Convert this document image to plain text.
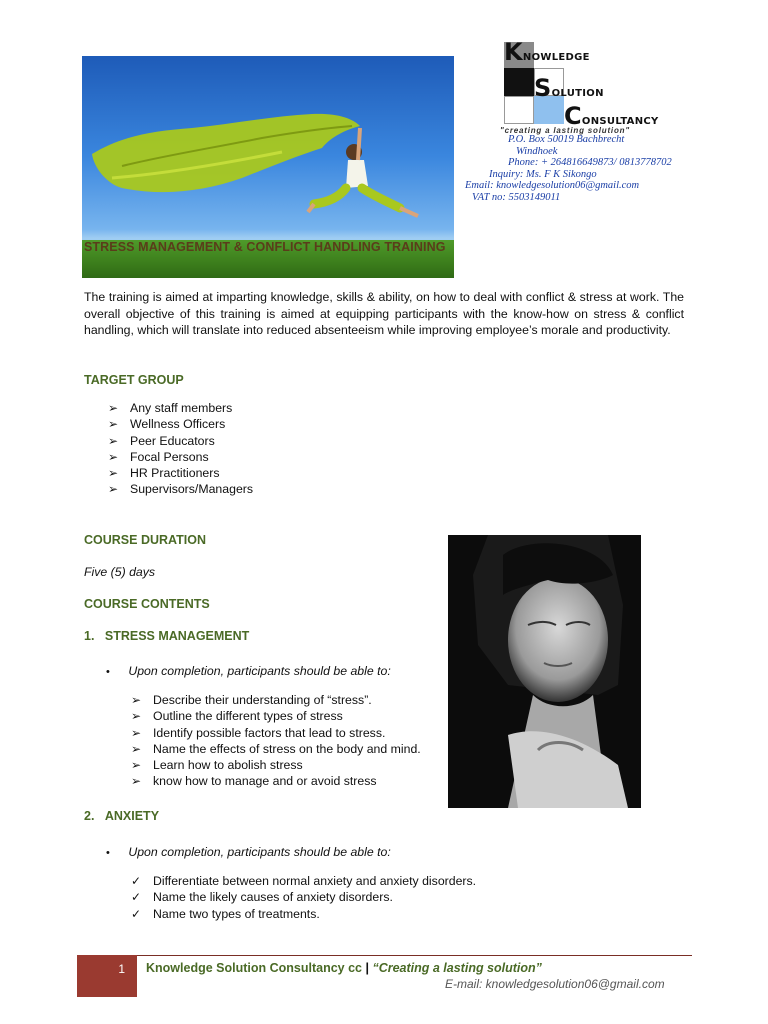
STRESS MANAGEMENT & CONFLICT HANDLING TRAINING
KNOWLEDGE
SOLUTION
CONSULTANCY
"creating a lasting solution"
P.O. Box 50019 Bachbrecht
Windhoek
Phone: + 264816649873/ 0813778702
Inquiry: Ms. F K Sikongo
Email: knowledgesolution06@gmail.com
VAT no: 5503149011
The training is aimed at imparting knowledge, skills & ability, on how to deal with conflict & stress at work. The overall objective of this training is aimed at equipping participants with the know-how on stress & conflict handling, which will translate into reduced absenteeism while improving employee’s morale and productivity.
TARGET GROUP
➢ Any staff members
➢ Wellness Officers
➢ Peer Educators
➢ Focal Persons
➢ HR Practitioners
➢ Supervisors/Managers
COURSE DURATION
Five (5) days
COURSE CONTENTS
1. STRESS MANAGEMENT
• Upon completion, participants should be able to:
➢ Describe their understanding of “stress”.
➢ Outline the different types of stress
➢ Identify possible factors that lead to stress.
➢ Name the effects of stress on the body and mind.
➢ Learn how to abolish stress
➢ know how to manage and or avoid stress
2. ANXIETY
• Upon completion, participants should be able to:
✓ Differentiate between normal anxiety and anxiety disorders.
✓ Name the likely causes of anxiety disorders.
✓ Name two types of treatments.
1 Knowledge Solution Consultancy cc | “Creating a lasting solution”
E-mail: knowledgesolution06@gmail.com
